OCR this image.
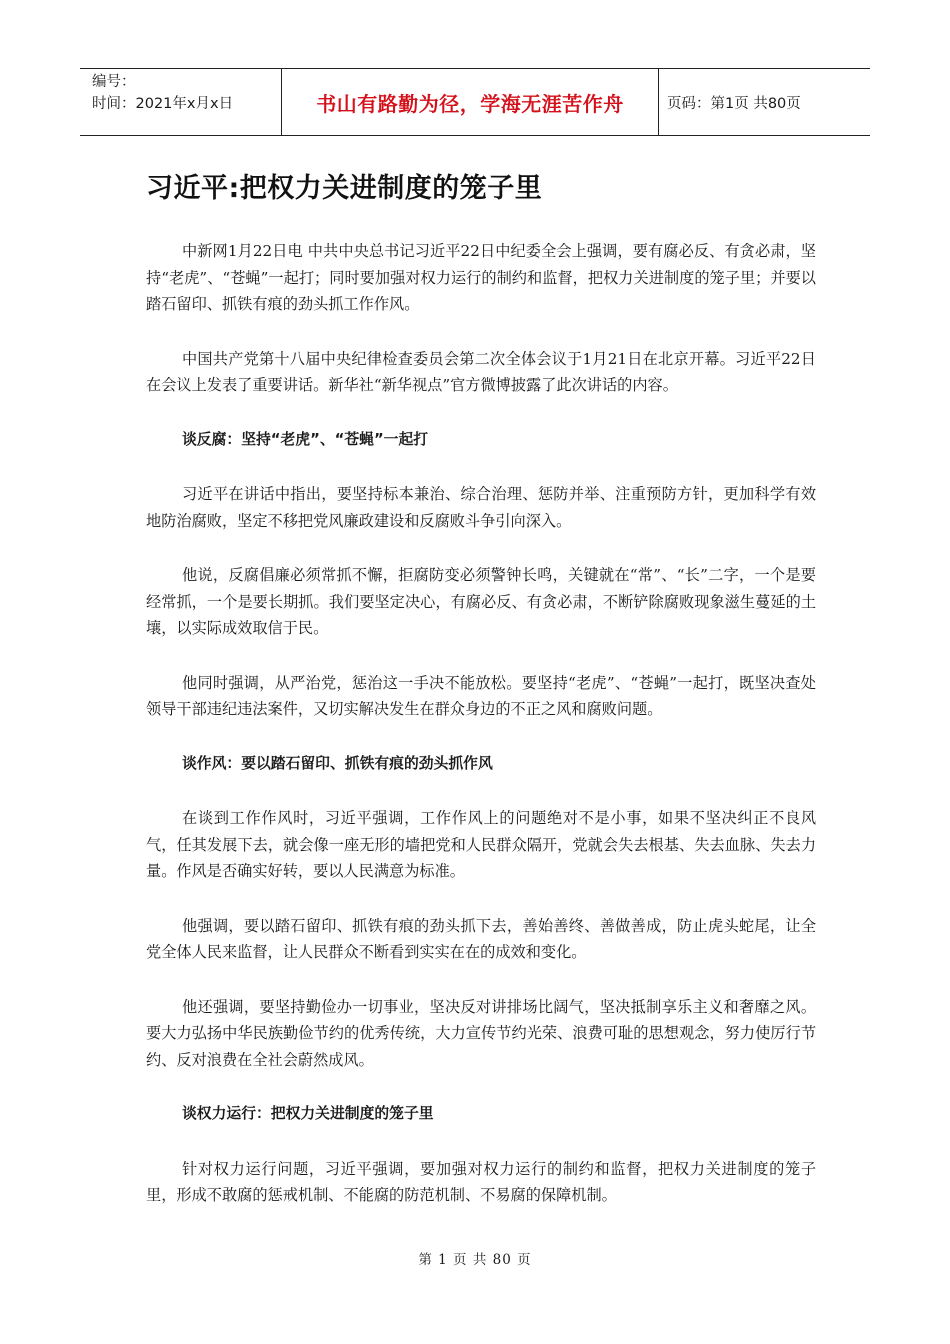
编号：
时间：2021年x月x日	书山有路勤为径，学海无涯苦作舟	页码：第1页 共80页
习近平:把权力关进制度的笼子里

中新网1月22日电 中共中央总书记习近平22日中纪委全会上强调，要有腐必反、有贪必肃，坚持“老虎”、“苍蝇”一起打；同时要加强对权力运行的制约和监督，把权力关进制度的笼子里；并要以踏石留印、抓铁有痕的劲头抓工作作风。

中国共产党第十八届中央纪律检查委员会第二次全体会议于1月21日在北京开幕。习近平22日在会议上发表了重要讲话。新华社“新华视点”官方微博披露了此次讲话的内容。

谈反腐：坚持“老虎”、“苍蝇”一起打

习近平在讲话中指出，要坚持标本兼治、综合治理、惩防并举、注重预防方针，更加科学有效地防治腐败，坚定不移把党风廉政建设和反腐败斗争引向深入。

他说，反腐倡廉必须常抓不懈，拒腐防变必须警钟长鸣，关键就在“常”、“长”二字，一个是要经常抓，一个是要长期抓。我们要坚定决心，有腐必反、有贪必肃，不断铲除腐败现象滋生蔓延的土壤，以实际成效取信于民。

他同时强调，从严治党，惩治这一手决不能放松。要坚持“老虎”、“苍蝇”一起打，既坚决查处领导干部违纪违法案件，又切实解决发生在群众身边的不正之风和腐败问题。

谈作风：要以踏石留印、抓铁有痕的劲头抓作风

在谈到工作作风时，习近平强调，工作作风上的问题绝对不是小事，如果不坚决纠正不良风气，任其发展下去，就会像一座无形的墙把党和人民群众隔开，党就会失去根基、失去血脉、失去力量。作风是否确实好转，要以人民满意为标准。

他强调，要以踏石留印、抓铁有痕的劲头抓下去，善始善终、善做善成，防止虎头蛇尾，让全党全体人民来监督，让人民群众不断看到实实在在的成效和变化。

他还强调，要坚持勤俭办一切事业，坚决反对讲排场比阔气，坚决抵制享乐主义和奢靡之风。要大力弘扬中华民族勤俭节约的优秀传统，大力宣传节约光荣、浪费可耻的思想观念，努力使厉行节约、反对浪费在全社会蔚然成风。

谈权力运行：把权力关进制度的笼子里

针对权力运行问题，习近平强调，要加强对权力运行的制约和监督，把权力关进制度的笼子里，形成不敢腐的惩戒机制、不能腐的防范机制、不易腐的保障机制。

第 1 页 共 80 页
